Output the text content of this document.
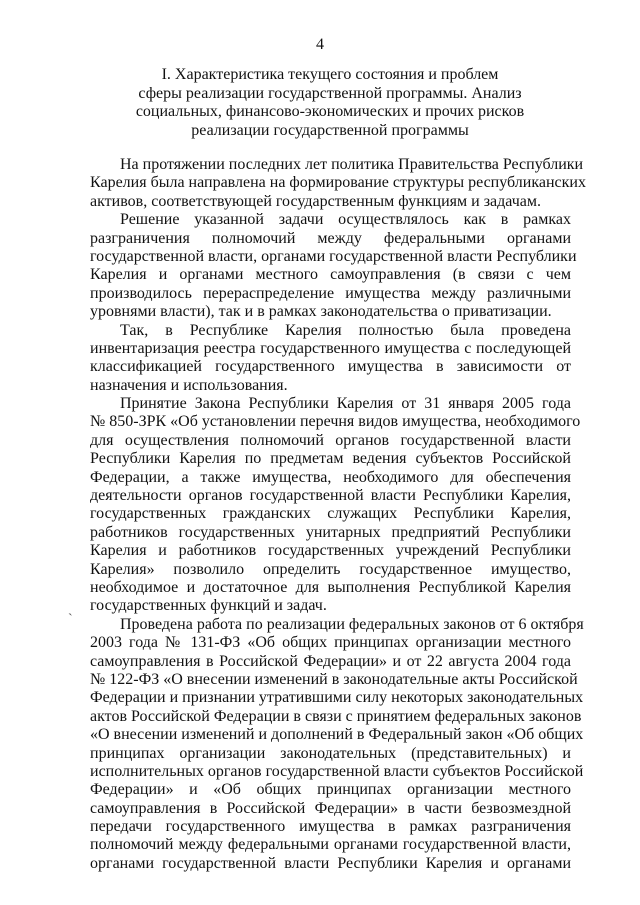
4
`
I. Характеристика текущего состояния и проблем
сферы реализации государственной программы. Анализ
социальных, финансово-экономических и прочих рисков
реализации государственной программы

На протяжении последних лет политика Правительства Республики
Карелия была направлена на формирование структуры республиканских
активов, соответствующей государственным функциям и задачам.

Решение указанной задачи осуществлялось как в рамках
разграничения полномочий между федеральными органами
государственной власти, органами государственной власти Республики
Карелия и органами местного самоуправления (в связи с чем
производилось перераспределение имущества между различными
уровнями власти), так и в рамках законодательства о приватизации.

Так, в Республике Карелия полностью была проведена
инвентаризация реестра государственного имущества с последующей
классификацией государственного имущества в зависимости от
назначения и использования.

Принятие Закона Республики Карелия от 31 января 2005 года
№ 850-ЗРК «Об установлении перечня видов имущества, необходимого
для осуществления полномочий органов государственной власти
Республики Карелия по предметам ведения субъектов Российской
Федерации, а также имущества, необходимого для обеспечения
деятельности органов государственной власти Республики Карелия,
государственных гражданских служащих Республики Карелия,
работников государственных унитарных предприятий Республики
Карелия и работников государственных учреждений Республики
Карелия» позволило определить государственное имущество,
необходимое и достаточное для выполнения Республикой Карелия
государственных функций и задач.

Проведена работа по реализации федеральных законов от 6 октября
2003 года № 131-ФЗ «Об общих принципах организации местного
самоуправления в Российской Федерации» и от 22 августа 2004 года
№ 122-ФЗ «О внесении изменений в законодательные акты Российской
Федерации и признании утратившими силу некоторых законодательных
актов Российской Федерации в связи с принятием федеральных законов
«О внесении изменений и дополнений в Федеральный закон «Об общих
принципах организации законодательных (представительных) и
исполнительных органов государственной власти субъектов Российской
Федерации» и «Об общих принципах организации местного
самоуправления в Российской Федерации» в части безвозмездной
передачи государственного имущества в рамках разграничения
полномочий между федеральными органами государственной власти,
органами государственной власти Республики Карелия и органами
